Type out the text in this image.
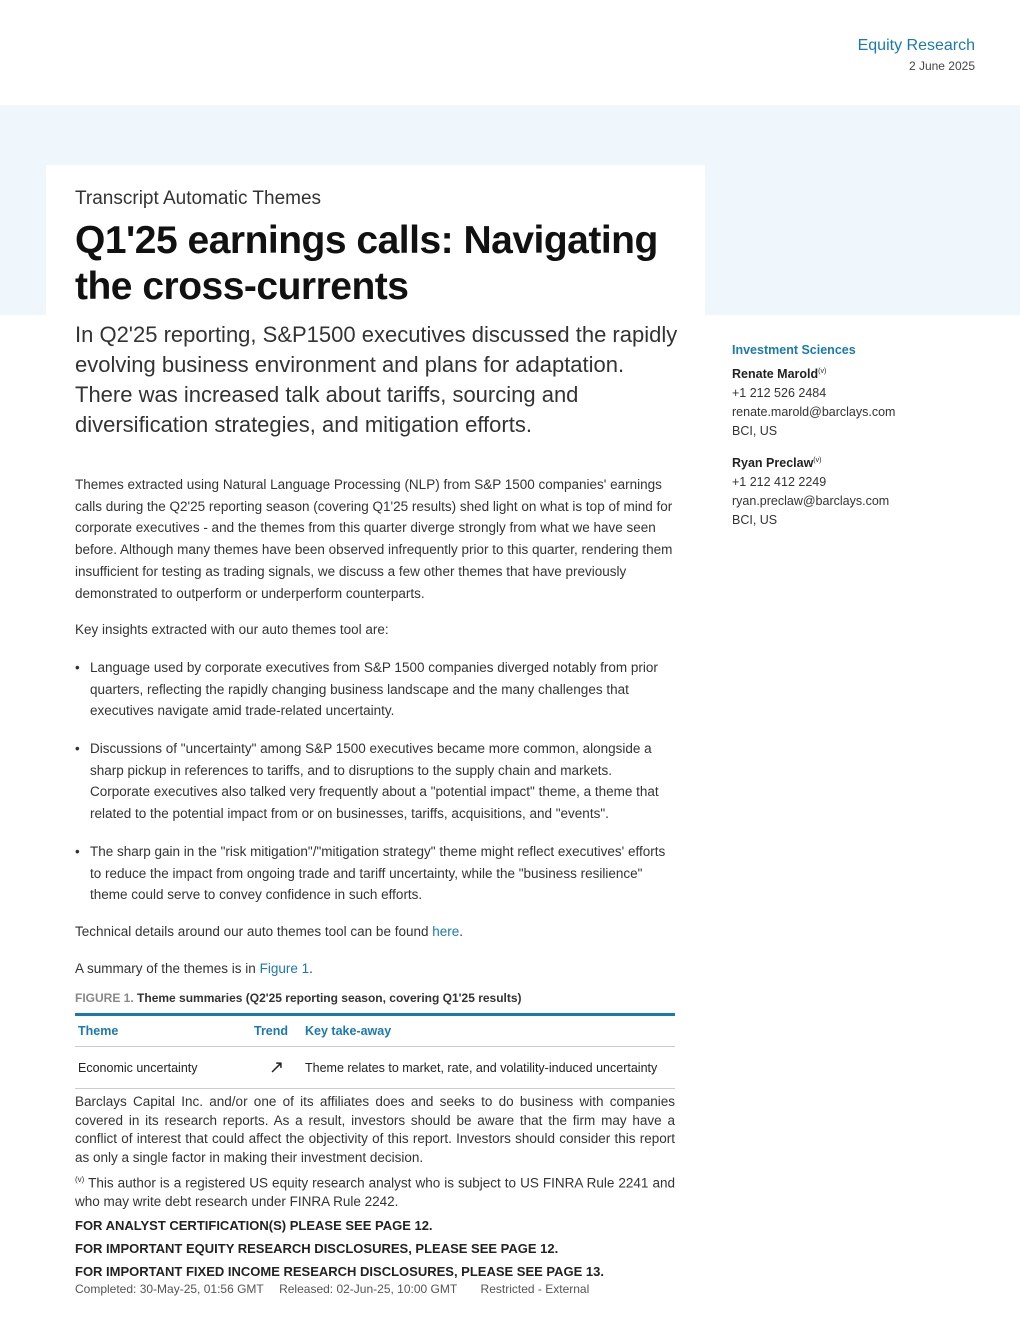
Equity Research
2 June 2025
Transcript Automatic Themes
Q1'25 earnings calls: Navigating the cross-currents
In Q2'25 reporting, S&P1500 executives discussed the rapidly evolving business environment and plans for adaptation. There was increased talk about tariffs, sourcing and diversification strategies, and mitigation efforts.

Themes extracted using Natural Language Processing (NLP) from S&P 1500 companies' earnings calls during the Q2'25 reporting season (covering Q1'25 results) shed light on what is top of mind for corporate executives - and the themes from this quarter diverge strongly from what we have seen before. Although many themes have been observed infrequently prior to this quarter, rendering them insufficient for testing as trading signals, we discuss a few other themes that have previously demonstrated to outperform or underperform counterparts.

Key insights extracted with our auto themes tool are:

• Language used by corporate executives from S&P 1500 companies diverged notably from prior quarters, reflecting the rapidly changing business landscape and the many challenges that executives navigate amid trade-related uncertainty.
• Discussions of "uncertainty" among S&P 1500 executives became more common, alongside a sharp pickup in references to tariffs, and to disruptions to the supply chain and markets. Corporate executives also talked very frequently about a "potential impact" theme, a theme that related to the potential impact from or on businesses, tariffs, acquisitions, and "events".
• The sharp gain in the "risk mitigation"/"mitigation strategy" theme might reflect executives' efforts to reduce the impact from ongoing trade and tariff uncertainty, while the "business resilience" theme could serve to convey confidence in such efforts.

Technical details around our auto themes tool can be found here.

A summary of the themes is in Figure 1.

FIGURE 1. Theme summaries (Q2'25 reporting season, covering Q1'25 results)
Theme	Trend	Key take-away
Economic uncertainty	↗	Theme relates to market, rate, and volatility-induced uncertainty
Barclays Capital Inc. and/or one of its affiliates does and seeks to do business with companies covered in its research reports. As a result, investors should be aware that the firm may have a conflict of interest that could affect the objectivity of this report. Investors should consider this report as only a single factor in making their investment decision.
$^{(v)}$ This author is a registered US equity research analyst who is subject to US FINRA Rule 2241 and who may write debt research under FINRA Rule 2242.
FOR ANALYST CERTIFICATION(S) PLEASE SEE PAGE 12.
FOR IMPORTANT EQUITY RESEARCH DISCLOSURES, PLEASE SEE PAGE 12.
FOR IMPORTANT FIXED INCOME RESEARCH DISCLOSURES, PLEASE SEE PAGE 13.
Completed: 30-May-25, 01:56 GMT Released: 02-Jun-25, 10:00 GMT Restricted - External
Investment Sciences
Renate Marold$^{(v)}$
+1 212 526 2484
renate.marold@barclays.com
BCI, US
Ryan Preclaw$^{(v)}$
+1 212 412 2249
ryan.preclaw@barclays.com
BCI, US
